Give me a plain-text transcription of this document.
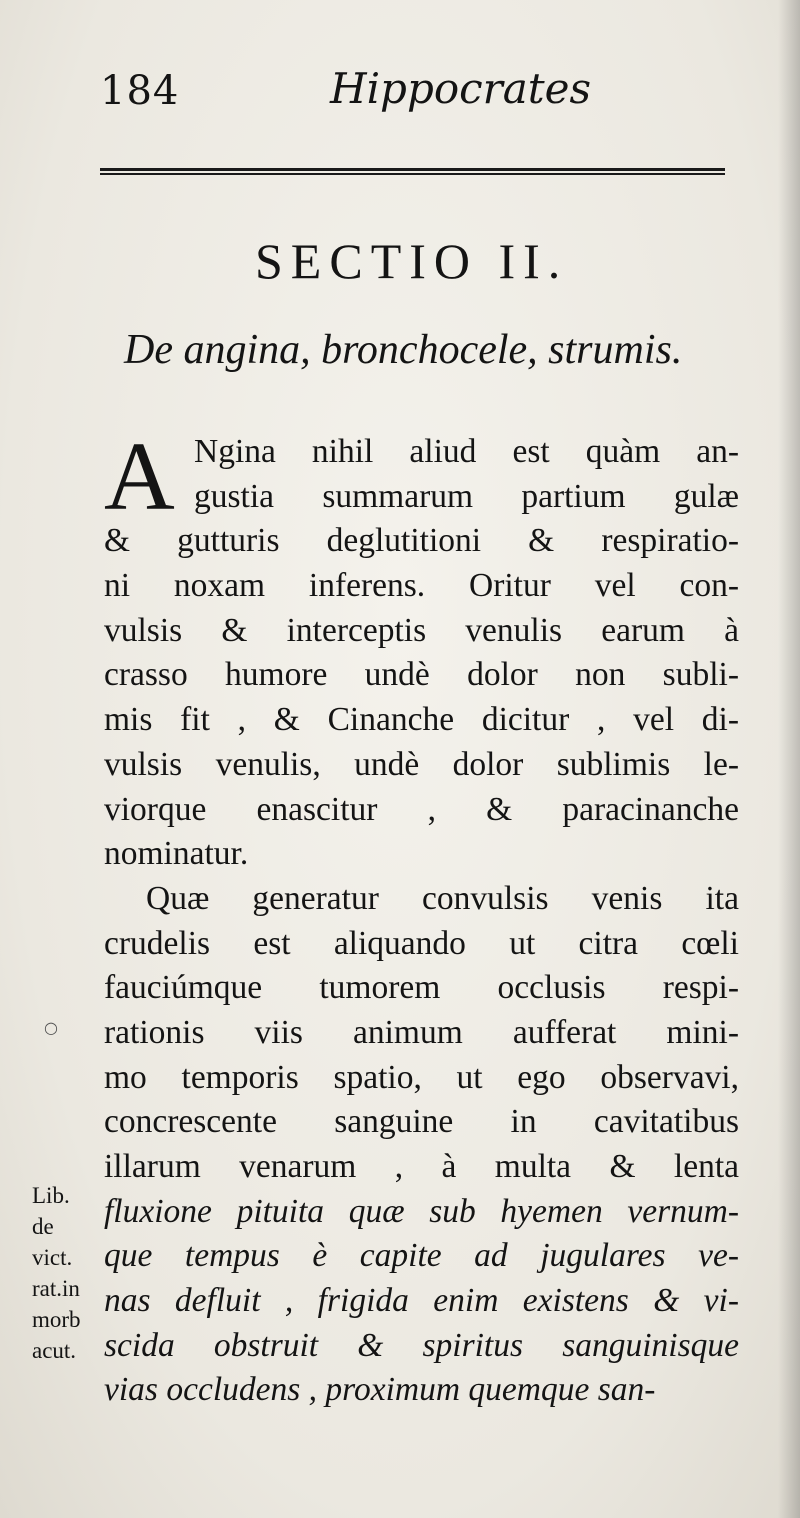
184	Hippocrates
SECTIO II.
De angina, bronchocele, strumis.
A Ngina nihil aliud est quàm an-
gustia summarum partium gulæ
& gutturis deglutitioni & respiratio-
ni noxam inferens. Oritur vel con-
vulsis & interceptis venulis earum à
crasso humore undè dolor non subli-
mis fit , & Cinanche dicitur , vel di-
vulsis venulis, undè dolor sublimis le-
viorque enascitur , & paracinanche
nominatur.
Quæ generatur convulsis venis ita
crudelis est aliquando ut citra cœli
fauciúmque tumorem occlusis respi-
rationis viis animum aufferat mini-
mo temporis spatio, ut ego observavi,
concrescente sanguine in cavitatibus
illarum venarum , à multa & lenta
fluxione pituita quæ sub hyemen vernum-
que tempus è capite ad jugulares ve-
nas defluit , frigida enim existens & vi-
scida obstruit & spiritus sanguinisque
vias occludens , proximum quemque san-
○
Lib.
de
vict.
rat.in
morb
acut.
